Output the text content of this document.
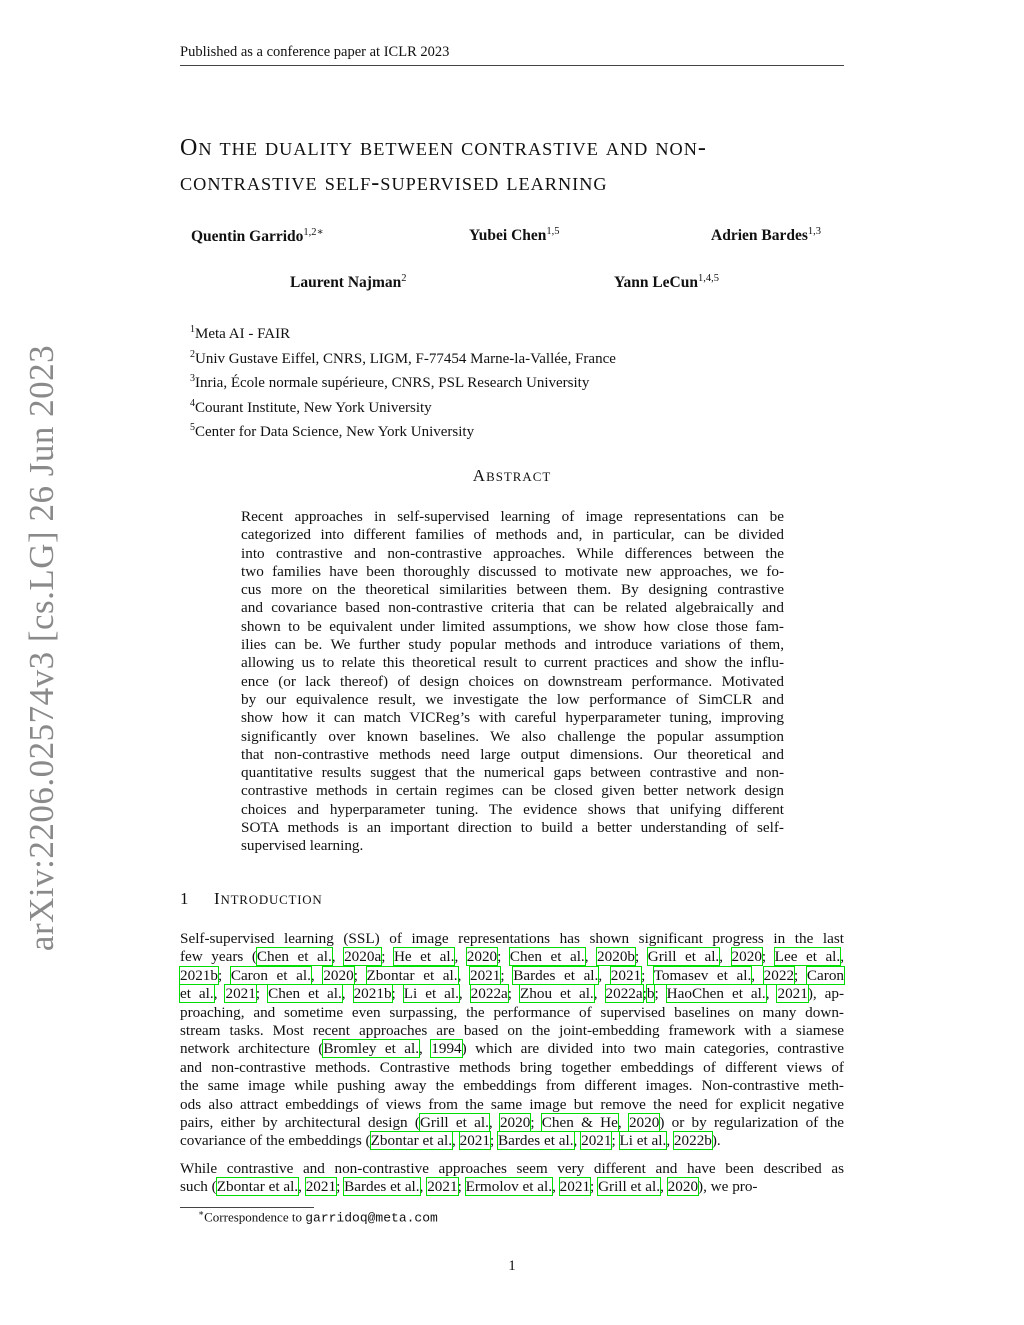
Published as a conference paper at ICLR 2023
arXiv:2206.02574v3 [cs.LG] 26 Jun 2023
ON THE DUALITY BETWEEN CONTRASTIVE AND NON-
CONTRASTIVE SELF-SUPERVISED LEARNING
Quentin Garrido$^{1,2∗}$	Yubei Chen$^{1,5}$	Adrien Bardes$^{1,3}$
Laurent Najman$^2$	Yann LeCun$^{1,4,5}$
$^1$Meta AI - FAIR
$^2$Univ Gustave Eiffel, CNRS, LIGM, F-77454 Marne-la-Vallée, France
$^3$Inria, École normale supérieure, CNRS, PSL Research University
$^4$Courant Institute, New York University
$^5$Center for Data Science, New York University
ABSTRACT
Recent approaches in self-supervised learning of image representations can be
categorized into different families of methods and, in particular, can be divided
into contrastive and non-contrastive approaches. While differences between the
two families have been thoroughly discussed to motivate new approaches, we fo-
cus more on the theoretical similarities between them. By designing contrastive
and covariance based non-contrastive criteria that can be related algebraically and
shown to be equivalent under limited assumptions, we show how close those fam-
ilies can be. We further study popular methods and introduce variations of them,
allowing us to relate this theoretical result to current practices and show the influ-
ence (or lack thereof) of design choices on downstream performance. Motivated
by our equivalence result, we investigate the low performance of SimCLR and
show how it can match VICReg’s with careful hyperparameter tuning, improving
significantly over known baselines. We also challenge the popular assumption
that non-contrastive methods need large output dimensions. Our theoretical and
quantitative results suggest that the numerical gaps between contrastive and non-
contrastive methods in certain regimes can be closed given better network design
choices and hyperparameter tuning. The evidence shows that unifying different
SOTA methods is an important direction to build a better understanding of self-
supervised learning.
1 INTRODUCTION
Self-supervised learning (SSL) of image representations has shown significant progress in the last
few years (Chen et al., 2020a; He et al., 2020; Chen et al., 2020b; Grill et al., 2020; Lee et al.,
2021b; Caron et al., 2020; Zbontar et al., 2021; Bardes et al., 2021; Tomasev et al., 2022; Caron
et al., 2021; Chen et al., 2021b; Li et al., 2022a; Zhou et al., 2022a;b; HaoChen et al., 2021), ap-
proaching, and sometime even surpassing, the performance of supervised baselines on many down-
stream tasks. Most recent approaches are based on the joint-embedding framework with a siamese
network architecture (Bromley et al., 1994) which are divided into two main categories, contrastive
and non-contrastive methods. Contrastive methods bring together embeddings of different views of
the same image while pushing away the embeddings from different images. Non-contrastive meth-
ods also attract embeddings of views from the same image but remove the need for explicit negative
pairs, either by architectural design (Grill et al., 2020; Chen & He, 2020) or by regularization of the
covariance of the embeddings (Zbontar et al., 2021; Bardes et al., 2021; Li et al., 2022b).
While contrastive and non-contrastive approaches seem very different and have been described as
such (Zbontar et al., 2021; Bardes et al., 2021; Ermolov et al., 2021; Grill et al., 2020), we pro-
∗Correspondence to garridoq@meta.com
1
